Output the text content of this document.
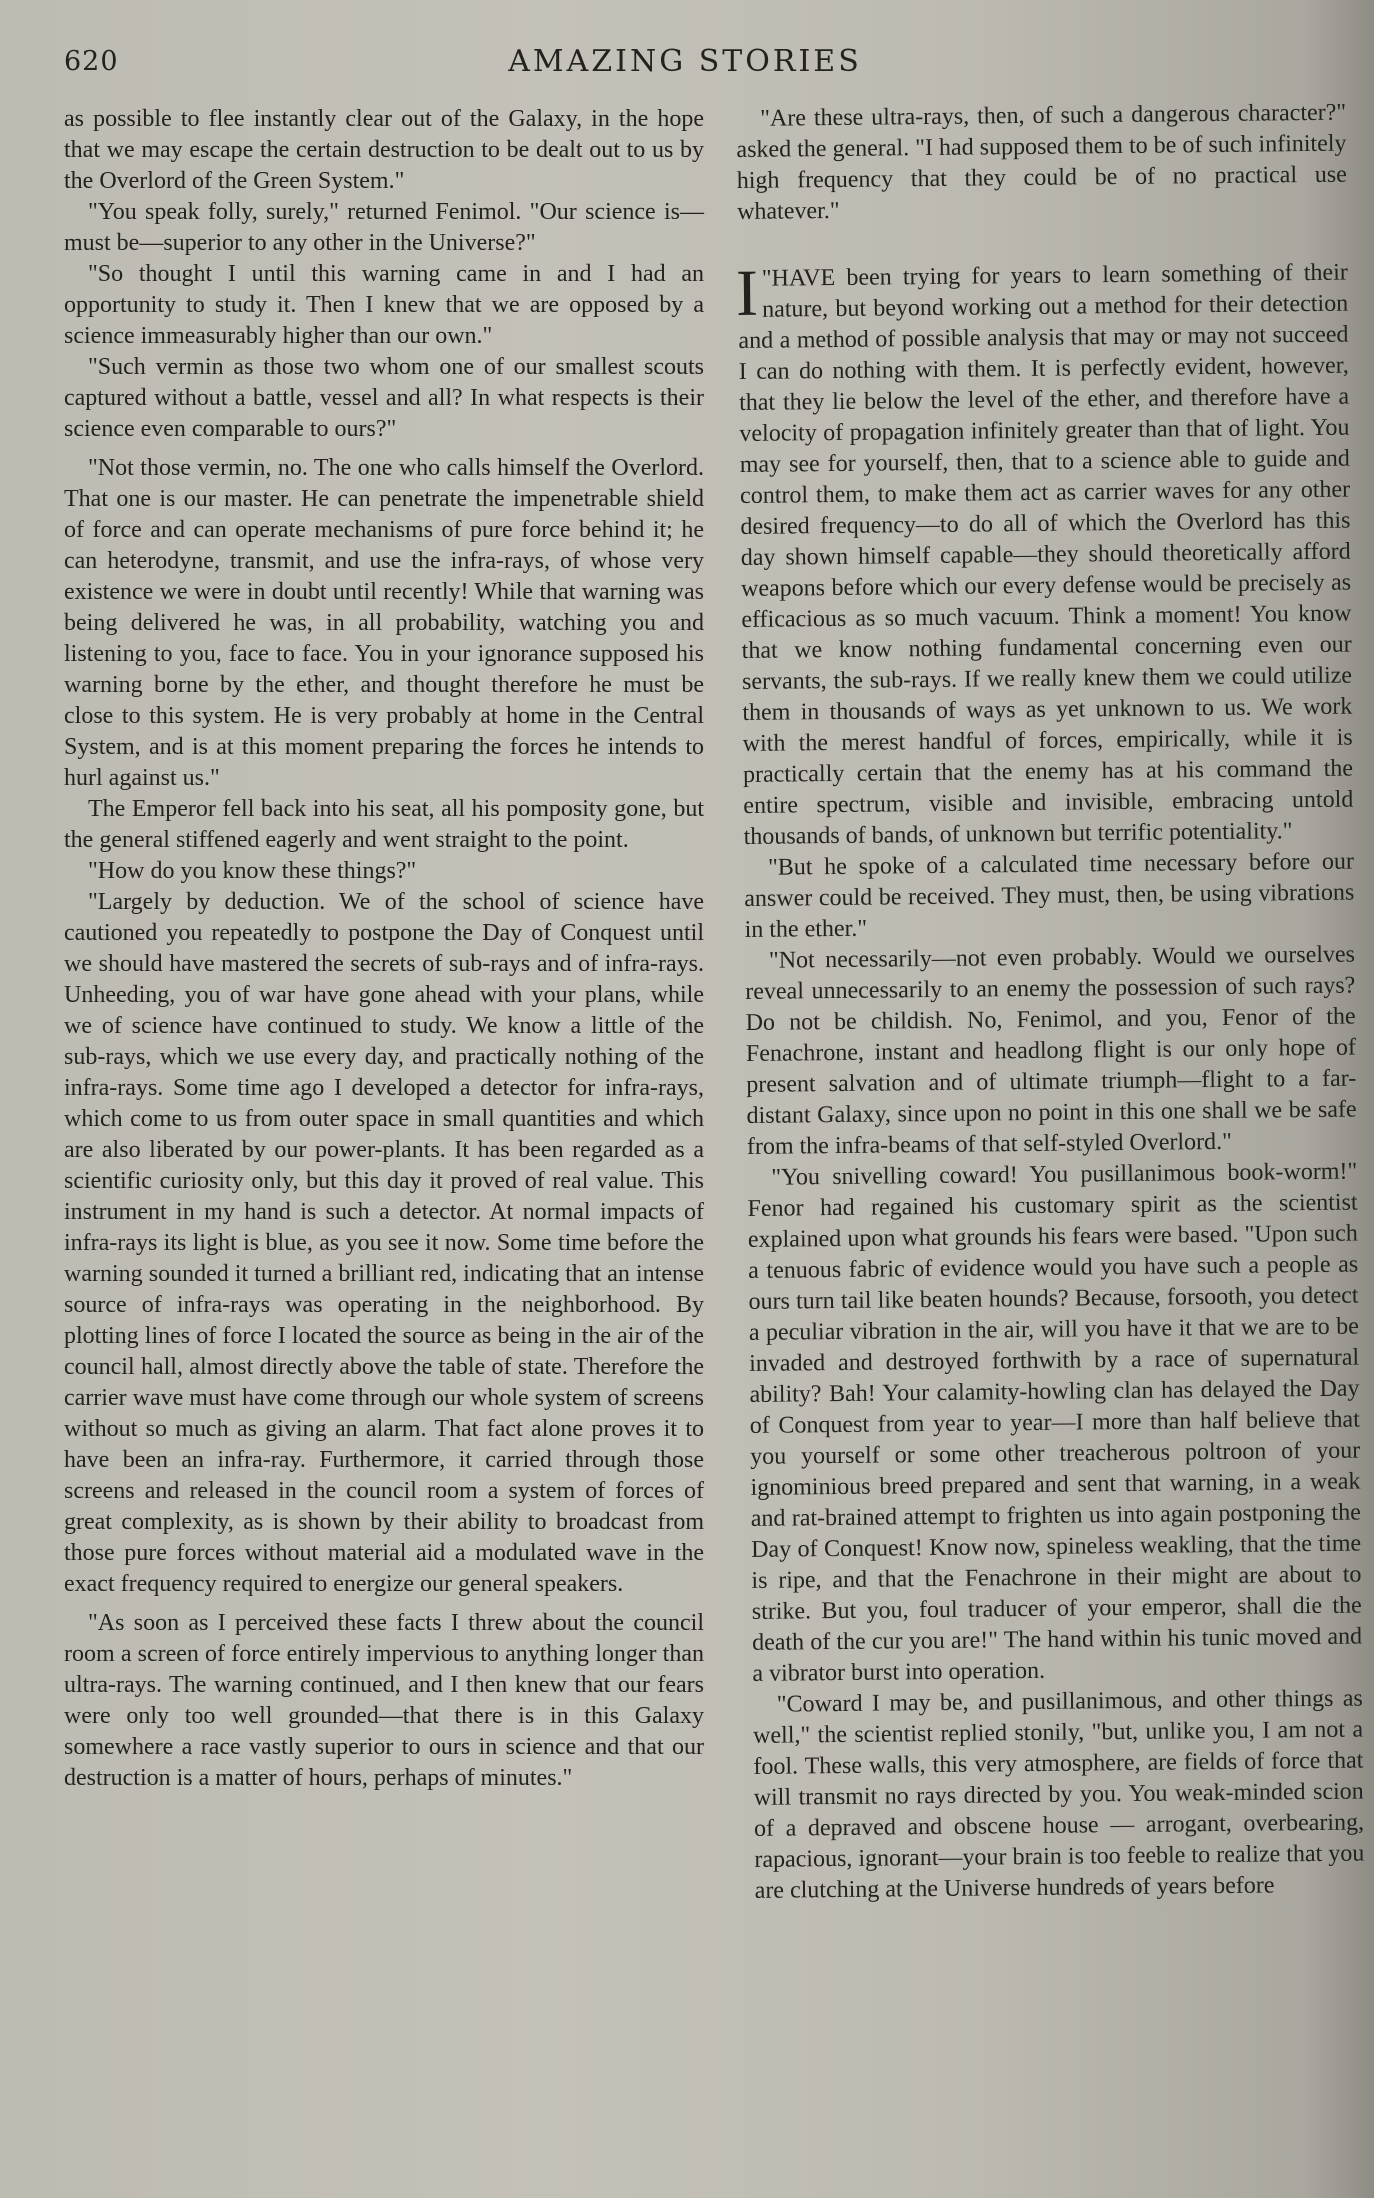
620	AMAZING STORIES

as possible to flee instantly clear out of the Galaxy, in the hope that we may escape the certain destruction to be dealt out to us by the Overlord of the Green System."

"You speak folly, surely," returned Fenimol. "Our science is—must be—superior to any other in the Universe?"

"So thought I until this warning came in and I had an opportunity to study it. Then I knew that we are opposed by a science immeasurably higher than our own."

"Such vermin as those two whom one of our smallest scouts captured without a battle, vessel and all? In what respects is their science even comparable to ours?"

"Not those vermin, no. The one who calls himself the Overlord. That one is our master. He can penetrate the impenetrable shield of force and can operate mechanisms of pure force behind it; he can heterodyne, transmit, and use the infra-rays, of whose very existence we were in doubt until recently! While that warning was being delivered he was, in all probability, watching you and listening to you, face to face. You in your ignorance supposed his warning borne by the ether, and thought therefore he must be close to this system. He is very probably at home in the Central System, and is at this moment preparing the forces he intends to hurl against us."

The Emperor fell back into his seat, all his pomposity gone, but the general stiffened eagerly and went straight to the point.

"How do you know these things?"

"Largely by deduction. We of the school of science have cautioned you repeatedly to postpone the Day of Conquest until we should have mastered the secrets of sub-rays and of infra-rays. Unheeding, you of war have gone ahead with your plans, while we of science have continued to study. We know a little of the sub-rays, which we use every day, and practically nothing of the infra-rays. Some time ago I developed a detector for infra-rays, which come to us from outer space in small quantities and which are also liberated by our power-plants. It has been regarded as a scientific curiosity only, but this day it proved of real value. This instrument in my hand is such a detector. At normal impacts of infra-rays its light is blue, as you see it now. Some time before the warning sounded it turned a brilliant red, indicating that an intense source of infra-rays was operating in the neighborhood. By plotting lines of force I located the source as being in the air of the council hall, almost directly above the table of state. Therefore the carrier wave must have come through our whole system of screens without so much as giving an alarm. That fact alone proves it to have been an infra-ray. Furthermore, it carried through those screens and released in the council room a system of forces of great complexity, as is shown by their ability to broadcast from those pure forces without material aid a modulated wave in the exact frequency required to energize our general speakers.

"As soon as I perceived these facts I threw about the council room a screen of force entirely impervious to anything longer than ultra-rays. The warning continued, and I then knew that our fears were only too well grounded—that there is in this Galaxy somewhere a race vastly superior to ours in science and that our destruction is a matter of hours, perhaps of minutes."

"Are these ultra-rays, then, of such a dangerous character?" asked the general. "I had supposed them to be of such infinitely high frequency that they could be of no practical use whatever."

"
I HAVE been trying for years to learn something of their nature, but beyond working out a method for their detection and a method of possible analysis that may or may not succeed I can do nothing with them. It is perfectly evident, however, that they lie below the level of the ether, and therefore have a velocity of propagation infinitely greater than that of light. You may see for yourself, then, that to a science able to guide and control them, to make them act as carrier waves for any other desired frequency—to do all of which the Overlord has this day shown himself capable—they should theoretically afford weapons before which our every defense would be precisely as efficacious as so much vacuum. Think a moment! You know that we know nothing fundamental concerning even our servants, the sub-rays. If we really knew them we could utilize them in thousands of ways as yet unknown to us. We work with the merest handful of forces, empirically, while it is practically certain that the enemy has at his command the entire spectrum, visible and invisible, embracing untold thousands of bands, of unknown but terrific potentiality."

"But he spoke of a calculated time necessary before our answer could be received. They must, then, be using vibrations in the ether."

"Not necessarily—not even probably. Would we ourselves reveal unnecessarily to an enemy the possession of such rays? Do not be childish. No, Fenimol, and you, Fenor of the Fenachrone, instant and headlong flight is our only hope of present salvation and of ultimate triumph—flight to a far-distant Galaxy, since upon no point in this one shall we be safe from the infra-beams of that self-styled Overlord."

"You snivelling coward! You pusillanimous book-worm!" Fenor had regained his customary spirit as the scientist explained upon what grounds his fears were based. "Upon such a tenuous fabric of evidence would you have such a people as ours turn tail like beaten hounds? Because, forsooth, you detect a peculiar vibration in the air, will you have it that we are to be invaded and destroyed forthwith by a race of supernatural ability? Bah! Your calamity-howling clan has delayed the Day of Conquest from year to year—I more than half believe that you yourself or some other treacherous poltroon of your ignominious breed prepared and sent that warning, in a weak and rat-brained attempt to frighten us into again postponing the Day of Conquest! Know now, spineless weakling, that the time is ripe, and that the Fenachrone in their might are about to strike. But you, foul traducer of your emperor, shall die the death of the cur you are!" The hand within his tunic moved and a vibrator burst into operation.

"Coward I may be, and pusillanimous, and other things as well," the scientist replied stonily, "but, unlike you, I am not a fool. These walls, this very atmosphere, are fields of force that will transmit no rays directed by you. You weak-minded scion of a depraved and obscene house — arrogant, overbearing, rapacious, ignorant—your brain is too feeble to realize that you are clutching at the Universe hundreds of years before
